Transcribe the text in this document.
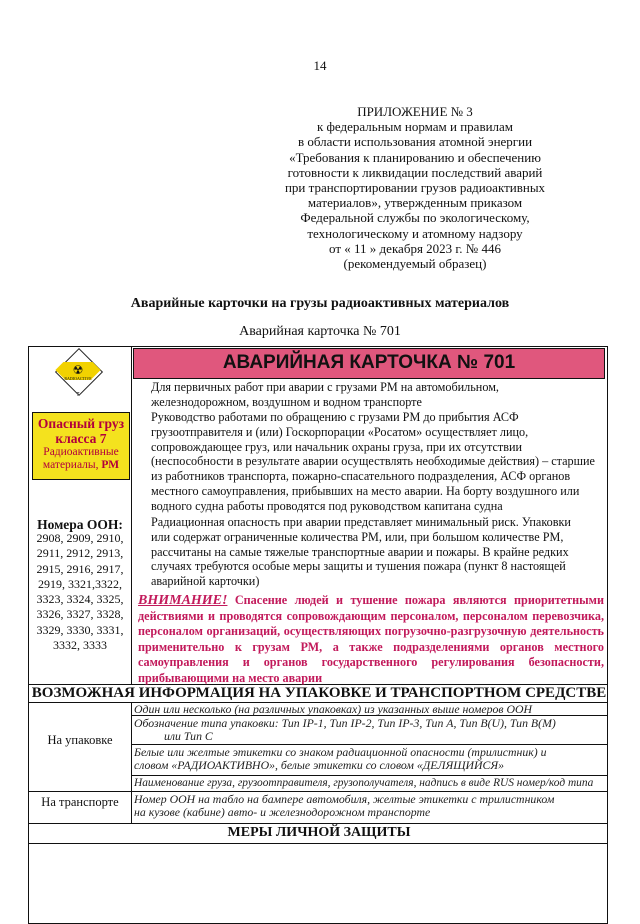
14
ПРИЛОЖЕНИЕ № 3
к федеральным нормам и правилам
в области использования атомной энергии
«Требования к планированию и обеспечению
готовности к ликвидации последствий аварий
при транспортировании грузов радиоактивных
материалов», утвержденным приказом
Федеральной службы по экологическому,
технологическому и атомному надзору
от « 11 » декабря 2023 г. № 446
(рекомендуемый образец)
Аварийные карточки на грузы радиоактивных материалов
Аварийная карточка № 701
АВАРИЙНАЯ КАРТОЧКА № 701
☢
RADIOACTIVE
7
Опасный груз
класса 7
Радиоактивные
материалы, РМ
Номера ООН:
2908, 2909, 2910,
2911, 2912, 2913,
2915, 2916, 2917,
2919, 3321,3322,
3323, 3324, 3325,
3326, 3327, 3328,
3329, 3330, 3331,
3332, 3333
Для первичных работ при аварии с грузами РМ на автомобильном,
железнодорожном, воздушном и водном транспорте
Руководство работами по обращению с грузами РМ до прибытия АСФ
грузоотправителя и (или) Госкорпорации «Росатом» осуществляет лицо,
сопровождающее груз, или начальник охраны груза, при их отсутствии
(неспособности в результате аварии осуществлять необходимые действия) – старшие
из работников транспорта, пожарно-спасательного подразделения, АСФ органов
местного самоуправления, прибывших на место аварии. На борту воздушного или
водного судна работы проводятся под руководством капитана судна
Радиационная опасность при аварии представляет минимальный риск. Упаковки
или содержат ограниченные количества РМ, или, при большом количестве РМ,
рассчитаны на самые тяжелые транспортные аварии и пожары. В крайне редких
случаях требуются особые меры защиты и тушения пожара (пункт 8 настоящей
аварийной карточки)
ВНИМАНИЕ! Спасение людей и тушение пожара являются приоритетными действиями и проводятся сопровождающим персоналом, персоналом перевозчика, персоналом организаций, осуществляющих погрузочно-разгрузочную деятельность применительно к грузам РМ, а также подразделениями органов местного самоуправления и органов государственного регулирования безопасности, прибывающими на место аварии
ВОЗМОЖНАЯ ИНФОРМАЦИЯ НА УПАКОВКЕ И ТРАНСПОРТНОМ СРЕДСТВЕ
На упаковке
Один или несколько (на различных упаковках) из указанных выше номеров ООН
Обозначение типа упаковки: Тип IP-1, Тип IP-2, Тип IP-3, Тип A, Тип B(U), Тип B(M)
или Тип C
Белые или желтые этикетки со знаком радиационной опасности (трилистник) и
словом «РАДИОАКТИВНО», белые этикетки со словом «ДЕЛЯЩИЙСЯ»
Наименование груза, грузоотправителя, грузополучателя, надпись в виде RUS номер/код типа
На транспорте	Номер ООН на табло на бампере автомобиля, желтые этикетки с трилистником
на кузове (кабине) авто- и железнодорожном транспорте
МЕРЫ ЛИЧНОЙ ЗАЩИТЫ
